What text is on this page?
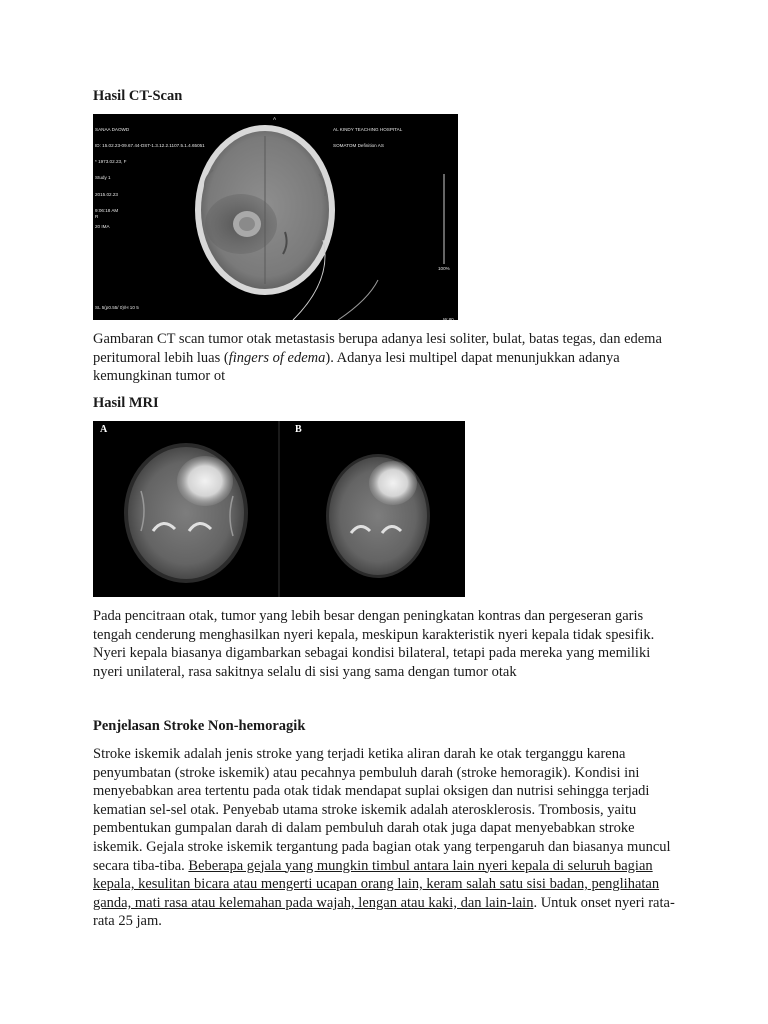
Hasil CT-Scan

SANAA DAOWD

ID: 15.02.23-09.67.44-DST-1.3.12.2.1107.5.1.4.65051

* 1973.02.23, F

Study 1

2015.02.23

9:06:18 AM

20 IMA

A

AL KINDY TEACHING HOSPITAL

SOMATOM Definition AS

R
100%

SL 5(p0.55/ 0)/H 10 5

W 80

Gambaran CT scan tumor otak metastasis berupa adanya lesi soliter, bulat, batas tegas, dan edema peritumoral lebih luas (fingers of edema). Adanya lesi multipel dapat menunjukkan adanya kemungkinan tumor ot

Hasil MRI
A	B

Pada pencitraan otak, tumor yang lebih besar dengan peningkatan kontras dan pergeseran garis tengah cenderung menghasilkan nyeri kepala, meskipun karakteristik nyeri kepala tidak spesifik. Nyeri kepala biasanya digambarkan sebagai kondisi bilateral, tetapi pada mereka yang memiliki nyeri unilateral, rasa sakitnya selalu di sisi yang sama dengan tumor otak

Penjelasan Stroke Non-hemoragik

Stroke iskemik adalah jenis stroke yang terjadi ketika aliran darah ke otak terganggu karena penyumbatan (stroke iskemik) atau pecahnya pembuluh darah (stroke hemoragik). Kondisi ini menyebabkan area tertentu pada otak tidak mendapat suplai oksigen dan nutrisi sehingga terjadi kematian sel-sel otak. Penyebab utama stroke iskemik adalah aterosklerosis. Trombosis, yaitu pembentukan gumpalan darah di dalam pembuluh darah otak juga dapat menyebabkan stroke iskemik. Gejala stroke iskemik tergantung pada bagian otak yang terpengaruh dan biasanya muncul secara tiba-tiba. Beberapa gejala yang mungkin timbul antara lain nyeri kepala di seluruh bagian kepala, kesulitan bicara atau mengerti ucapan orang lain, keram salah satu sisi badan, penglihatan ganda, mati rasa atau kelemahan pada wajah, lengan atau kaki, dan lain-lain. Untuk onset nyeri rata-rata 25 jam.
